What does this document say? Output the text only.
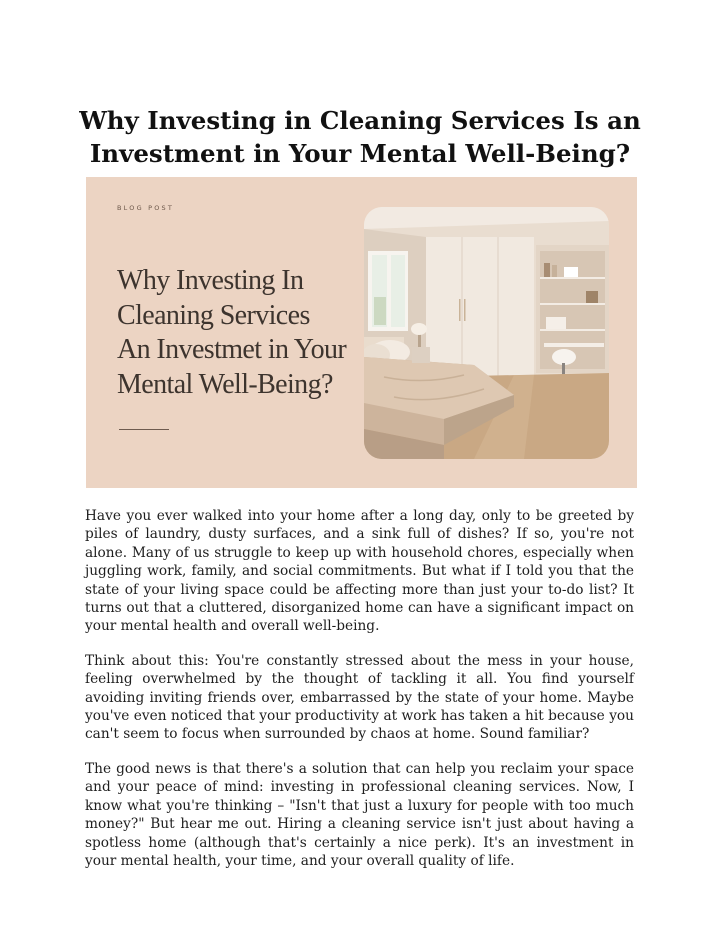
Why Investing in Cleaning Services Is an Investment in Your Mental Well-Being?
BLOG POST
Why Investing In
Cleaning Services
An Investmet in Your
Mental Well-Being?

Have you ever walked into your home after a long day, only to be greeted by piles of laundry, dusty surfaces, and a sink full of dishes? If so, you're not alone. Many of us struggle to keep up with household chores, especially when juggling work, family, and social commitments. But what if I told you that the state of your living space could be affecting more than just your to-do list? It turns out that a cluttered, disorganized home can have a significant impact on your mental health and overall well-being.

Think about this: You're constantly stressed about the mess in your house, feeling overwhelmed by the thought of tackling it all. You find yourself avoiding inviting friends over, embarrassed by the state of your home. Maybe you've even noticed that your productivity at work has taken a hit because you can't seem to focus when surrounded by chaos at home. Sound familiar?

The good news is that there's a solution that can help you reclaim your space and your peace of mind: investing in professional cleaning services. Now, I know what you're thinking – "Isn't that just a luxury for people with too much money?" But hear me out. Hiring a cleaning service isn't just about having a spotless home (although that's certainly a nice perk). It's an investment in your mental health, your time, and your overall quality of life.
